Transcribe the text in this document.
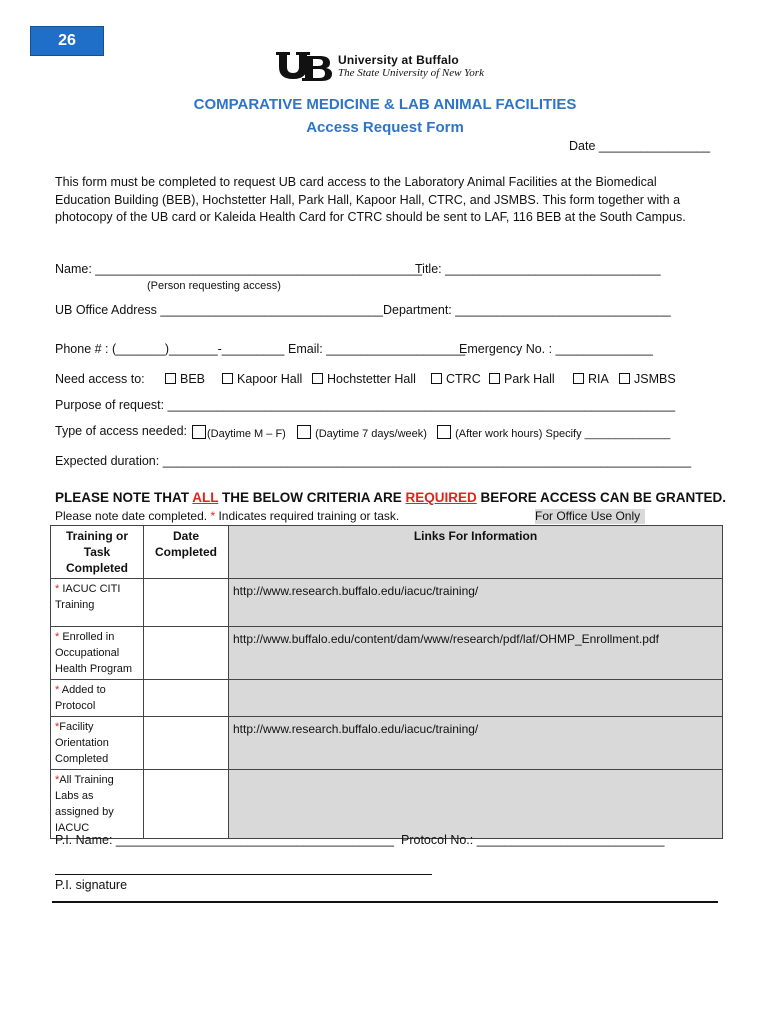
26
University at Buffalo
The State University of New York
COMPARATIVE MEDICINE & LAB ANIMAL FACILITIES
Access Request Form
Date ________________
This form must be completed to request UB card access to the Laboratory Animal Facilities at the Biomedical Education Building (BEB), Hochstetter Hall, Park Hall, Kapoor Hall, CTRC, and JSMBS. This form together with a photocopy of the UB card or Kaleida Health Card for CTRC should be sent to LAF, 116 BEB at the South Campus.
Name: _______________________________________________
Title: _______________________________
(Person requesting access)
UB Office Address ________________________________ Department: _______________________________
Phone # : (_______)_______-_________ Email: ____________________
Emergency No. : ______________
Need access to:	BEB	Kapoor Hall	Hochstetter Hall	CTRC	Park Hall	RIA	JSMBS
Purpose of request: _________________________________________________________________________
Type of access needed:	(Daytime M – F)	(Daytime 7 days/week)	(After work hours) Specify ______________
Expected duration: ____________________________________________________________________________
PLEASE NOTE THAT ALL THE BELOW CRITERIA ARE REQUIRED BEFORE ACCESS CAN BE GRANTED.
Please note date completed. * Indicates required training or task.	For Office Use Only
Training or Task Completed	Date Completed	Links For Information
* IACUC CITI Training		http://www.research.buffalo.edu/iacuc/training/
* Enrolled in Occupational Health Program		http://www.buffalo.edu/content/dam/www/research/pdf/laf/OHMP_Enrollment.pdf
* Added to Protocol		
*Facility Orientation Completed		http://www.research.buffalo.edu/iacuc/training/
*All Training Labs as assigned by IACUC		
P.I. Name: ________________________________________ Protocol No.: ___________________________
P.I. signature
